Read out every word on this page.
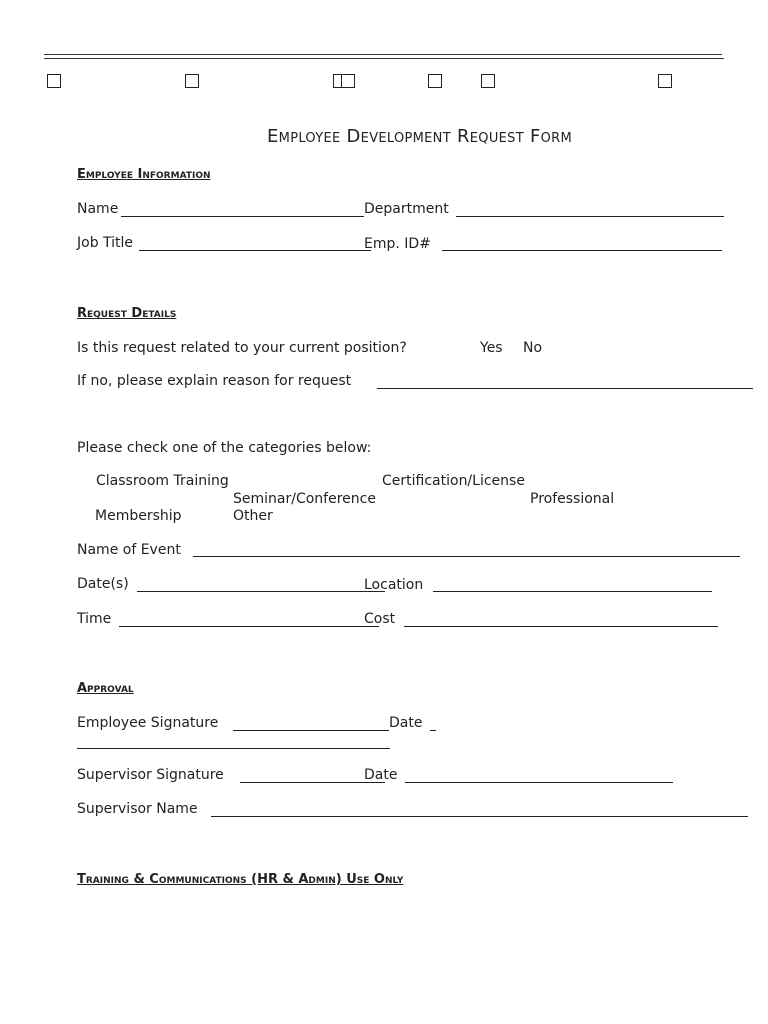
Employee Development Request Form
Employee Information
Name	Department
Job Title	Emp. ID#
Request Details
Is this request related to your current position?	Yes No
If no, please explain reason for request
Please check one of the categories below:
Classroom Training	Certification/License
Seminar/Conference	Professional
Membership	Other
Name of Event
Date(s)	Location
Time	Cost
Approval
Employee Signature	Date
Supervisor Signature	Date
Supervisor Name
Training & Communications (HR & Admin) Use Only
